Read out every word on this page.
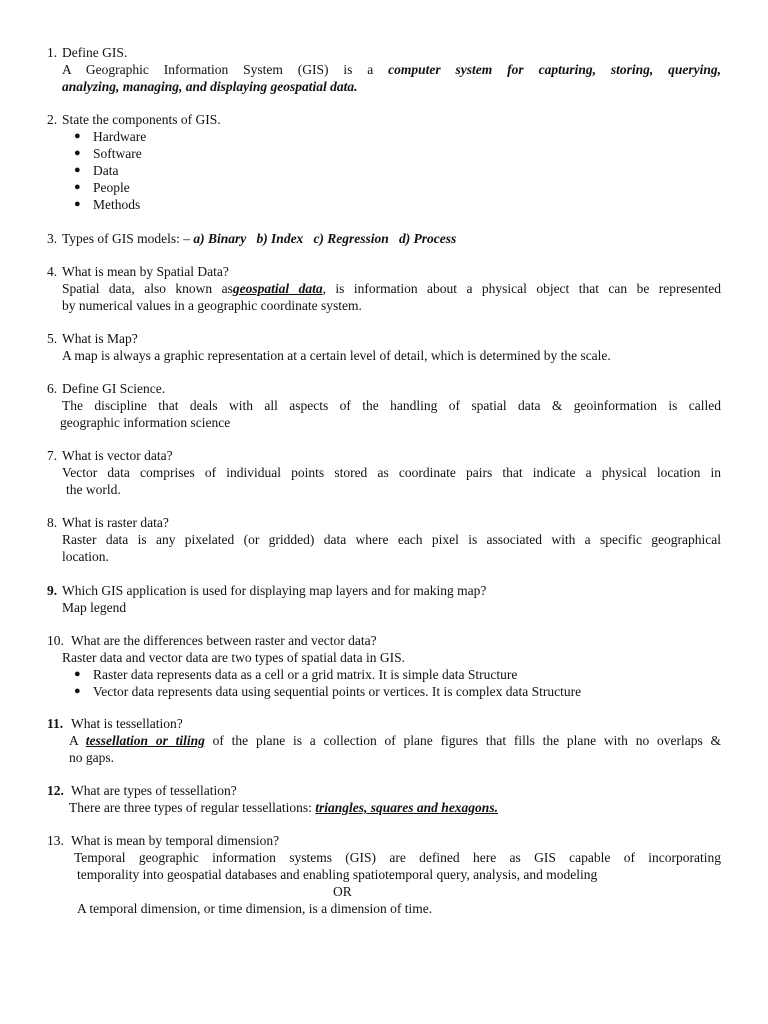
1. Define GIS.
A Geographic Information System (GIS) is a computer system for capturing, storing, querying,
analyzing, managing, and displaying geospatial data.
2. State the components of GIS.
● Hardware
● Software
● Data
● People
● Methods
3. Types of GIS models: – a) Binary b) Index c) Regression d) Process
4. What is mean by Spatial Data?
Spatial data, also known asgeospatial data, is information about a physical object that can be represented
by numerical values in a geographic coordinate system.
5. What is Map?
A map is always a graphic representation at a certain level of detail, which is determined by the scale.
6. Define GI Science.
The discipline that deals with all aspects of the handling of spatial data & geoinformation is called
geographic information science
7. What is vector data?
Vector data comprises of individual points stored as coordinate pairs that indicate a physical location in
the world.
8. What is raster data?
Raster data is any pixelated (or gridded) data where each pixel is associated with a specific geographical
location.
9. Which GIS application is used for displaying map layers and for making map?
Map legend
10. What are the differences between raster and vector data?
Raster data and vector data are two types of spatial data in GIS.
● Raster data represents data as a cell or a grid matrix. It is simple data Structure
● Vector data represents data using sequential points or vertices. It is complex data Structure
11. What is tessellation?
A tessellation or tiling of the plane is a collection of plane figures that fills the plane with no overlaps &
no gaps.
12. What are types of tessellation?
There are three types of regular tessellations: triangles, squares and hexagons.
13. What is mean by temporal dimension?
Temporal geographic information systems (GIS) are defined here as GIS capable of incorporating
temporality into geospatial databases and enabling spatiotemporal query, analysis, and modeling
OR
A temporal dimension, or time dimension, is a dimension of time.
